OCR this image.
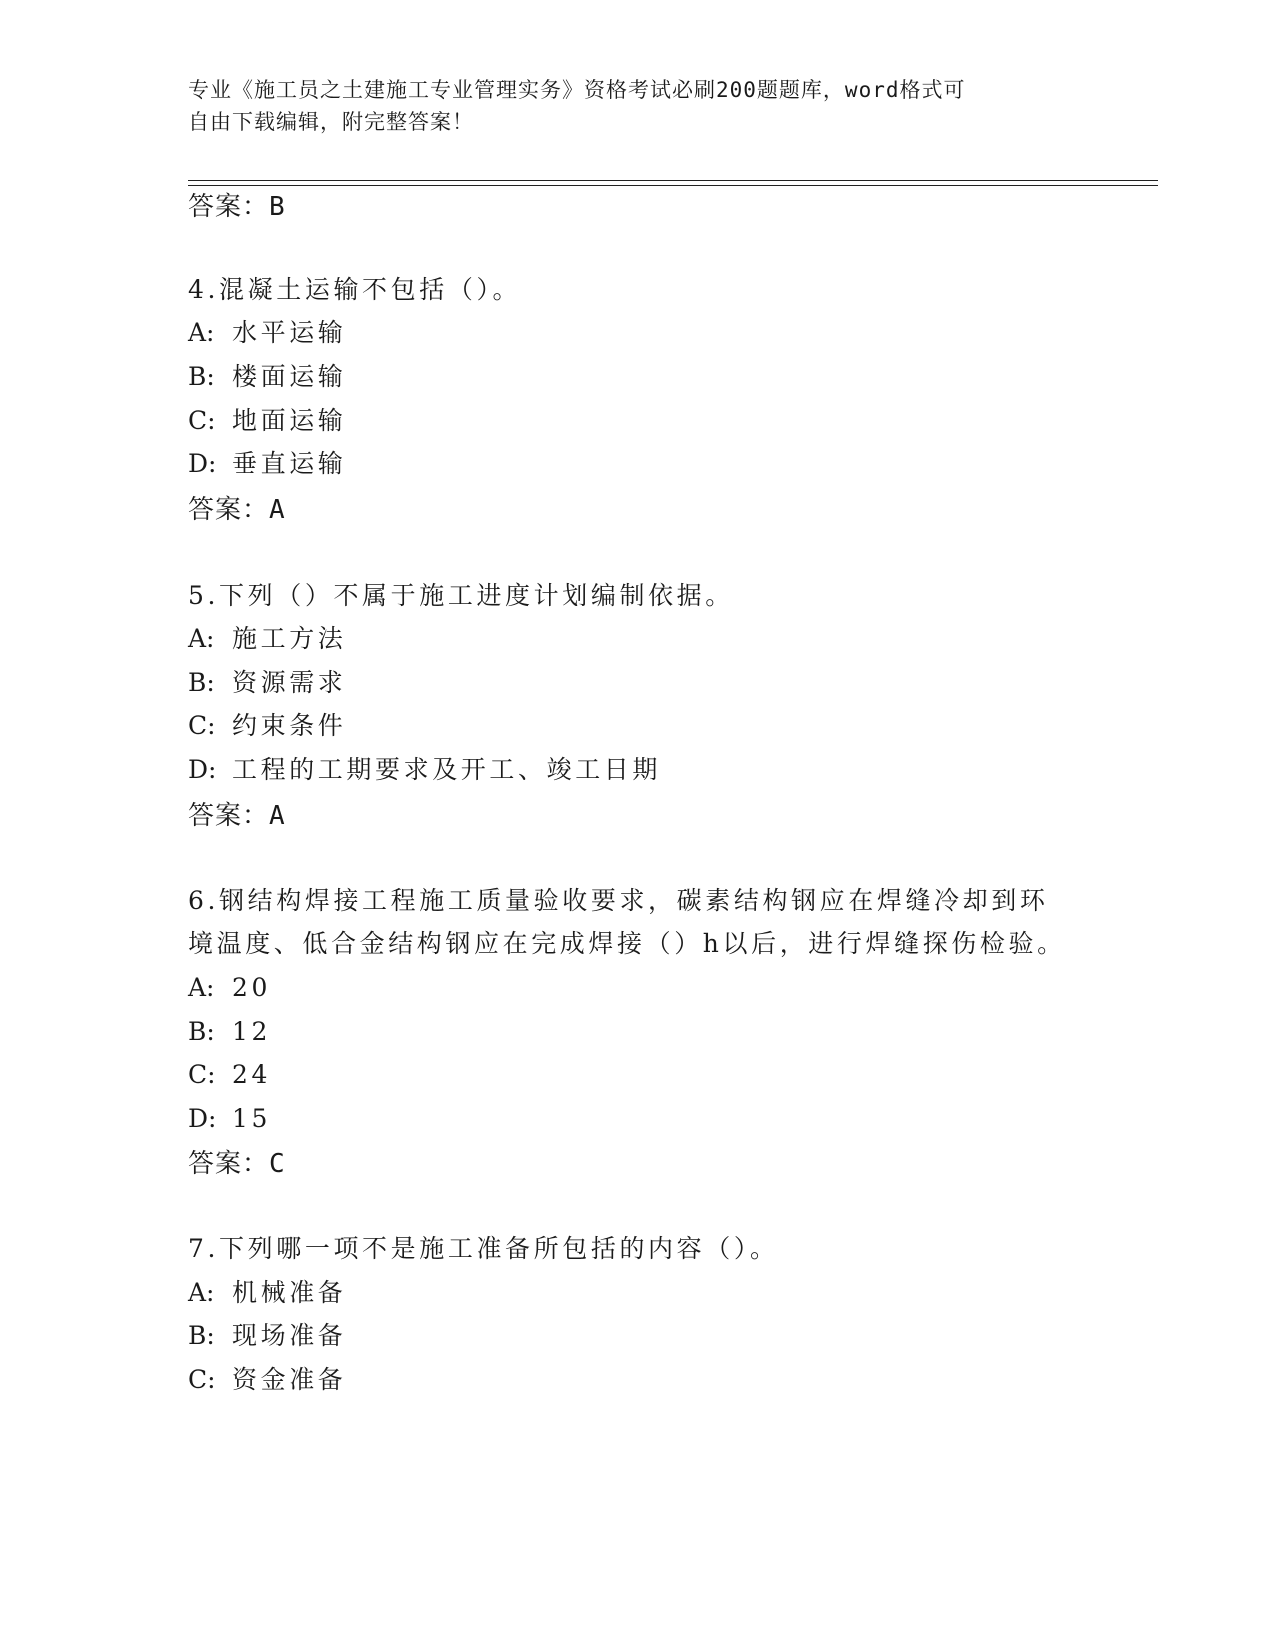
专业《施工员之土建施工专业管理实务》资格考试必刷200题题库，word格式可
自由下载编辑，附完整答案！
答案：B
4.混凝土运输不包括（）。
A: 水平运输
B: 楼面运输
C: 地面运输
D: 垂直运输
答案：A
5.下列（）不属于施工进度计划编制依据。
A: 施工方法
B: 资源需求
C: 约束条件
D: 工程的工期要求及开工、竣工日期
答案：A
6.钢结构焊接工程施工质量验收要求，碳素结构钢应在焊缝冷却到环
境温度、低合金结构钢应在完成焊接（）h以后，进行焊缝探伤检验。
A: 20
B: 12
C: 24
D: 15
答案：C
7.下列哪一项不是施工准备所包括的内容（）。
A: 机械准备
B: 现场准备
C: 资金准备
